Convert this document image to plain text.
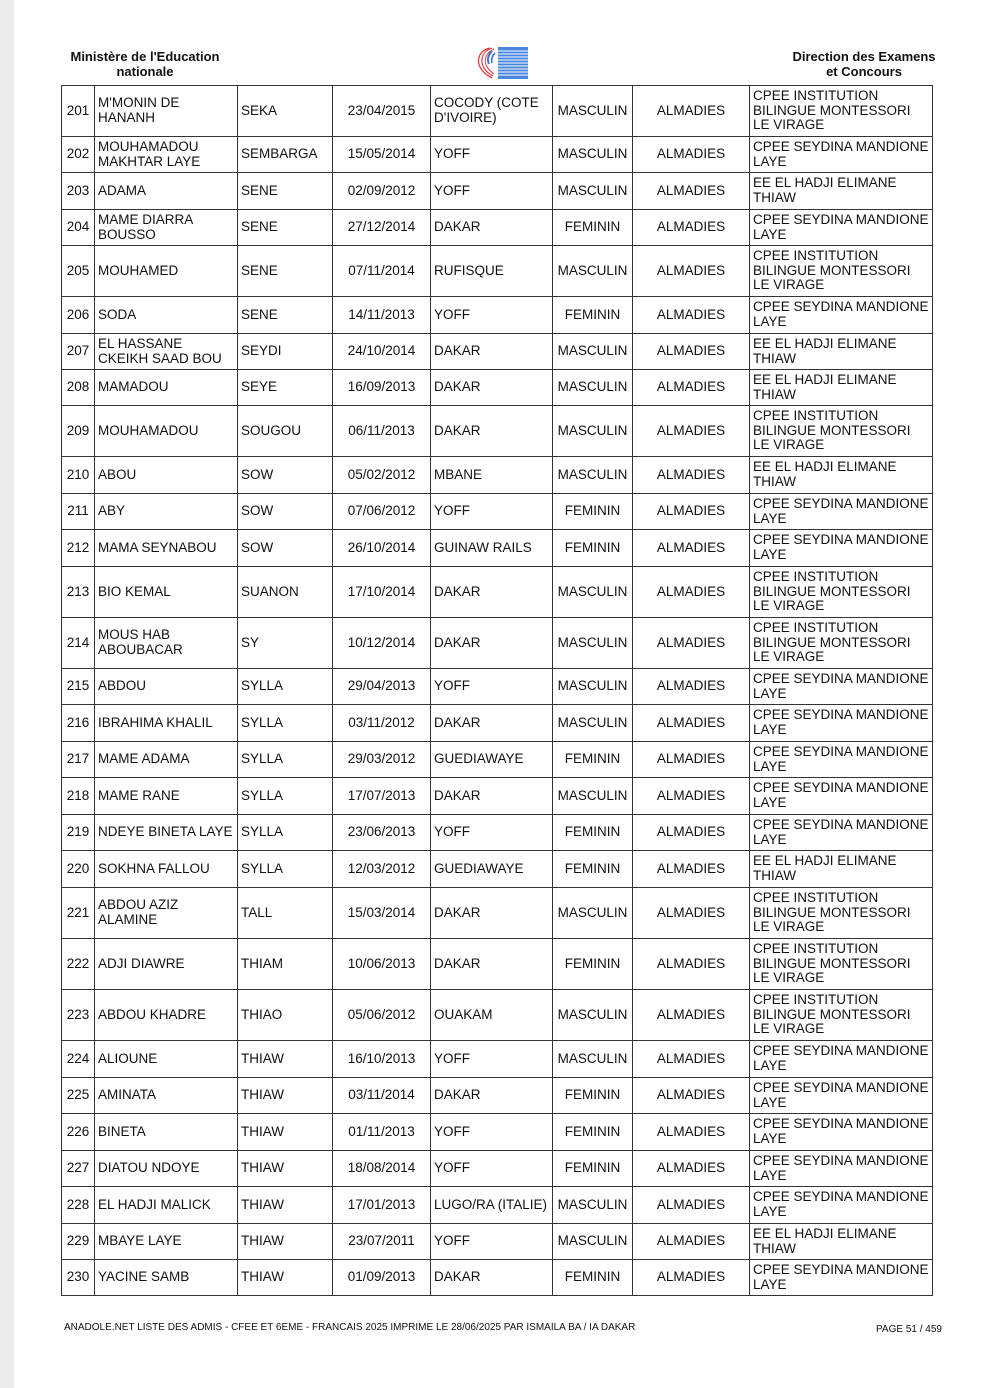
Ministère de l'Education
nationale
Direction des Examens
et Concours
201	M'MONIN DE HANANH	SEKA	23/04/2015	COCODY (COTE D'IVOIRE)	MASCULIN	ALMADIES	CPEE INSTITUTION BILINGUE MONTESSORI LE VIRAGE
202	MOUHAMADOU MAKHTAR LAYE	SEMBARGA	15/05/2014	YOFF	MASCULIN	ALMADIES	CPEE SEYDINA MANDIONE LAYE
203	ADAMA	SENE	02/09/2012	YOFF	MASCULIN	ALMADIES	EE EL HADJI ELIMANE THIAW
204	MAME DIARRA BOUSSO	SENE	27/12/2014	DAKAR	FEMININ	ALMADIES	CPEE SEYDINA MANDIONE LAYE
205	MOUHAMED	SENE	07/11/2014	RUFISQUE	MASCULIN	ALMADIES	CPEE INSTITUTION BILINGUE MONTESSORI LE VIRAGE
206	SODA	SENE	14/11/2013	YOFF	FEMININ	ALMADIES	CPEE SEYDINA MANDIONE LAYE
207	EL HASSANE CKEIKH SAAD BOU	SEYDI	24/10/2014	DAKAR	MASCULIN	ALMADIES	EE EL HADJI ELIMANE THIAW
208	MAMADOU	SEYE	16/09/2013	DAKAR	MASCULIN	ALMADIES	EE EL HADJI ELIMANE THIAW
209	MOUHAMADOU	SOUGOU	06/11/2013	DAKAR	MASCULIN	ALMADIES	CPEE INSTITUTION BILINGUE MONTESSORI LE VIRAGE
210	ABOU	SOW	05/02/2012	MBANE	MASCULIN	ALMADIES	EE EL HADJI ELIMANE THIAW
211	ABY	SOW	07/06/2012	YOFF	FEMININ	ALMADIES	CPEE SEYDINA MANDIONE LAYE
212	MAMA SEYNABOU	SOW	26/10/2014	GUINAW RAILS	FEMININ	ALMADIES	CPEE SEYDINA MANDIONE LAYE
213	BIO KEMAL	SUANON	17/10/2014	DAKAR	MASCULIN	ALMADIES	CPEE INSTITUTION BILINGUE MONTESSORI LE VIRAGE
214	MOUS HAB ABOUBACAR	SY	10/12/2014	DAKAR	MASCULIN	ALMADIES	CPEE INSTITUTION BILINGUE MONTESSORI LE VIRAGE
215	ABDOU	SYLLA	29/04/2013	YOFF	MASCULIN	ALMADIES	CPEE SEYDINA MANDIONE LAYE
216	IBRAHIMA KHALIL	SYLLA	03/11/2012	DAKAR	MASCULIN	ALMADIES	CPEE SEYDINA MANDIONE LAYE
217	MAME ADAMA	SYLLA	29/03/2012	GUEDIAWAYE	FEMININ	ALMADIES	CPEE SEYDINA MANDIONE LAYE
218	MAME RANE	SYLLA	17/07/2013	DAKAR	MASCULIN	ALMADIES	CPEE SEYDINA MANDIONE LAYE
219	NDEYE BINETA LAYE	SYLLA	23/06/2013	YOFF	FEMININ	ALMADIES	CPEE SEYDINA MANDIONE LAYE
220	SOKHNA FALLOU	SYLLA	12/03/2012	GUEDIAWAYE	FEMININ	ALMADIES	EE EL HADJI ELIMANE THIAW
221	ABDOU AZIZ ALAMINE	TALL	15/03/2014	DAKAR	MASCULIN	ALMADIES	CPEE INSTITUTION BILINGUE MONTESSORI LE VIRAGE
222	ADJI DIAWRE	THIAM	10/06/2013	DAKAR	FEMININ	ALMADIES	CPEE INSTITUTION BILINGUE MONTESSORI LE VIRAGE
223	ABDOU KHADRE	THIAO	05/06/2012	OUAKAM	MASCULIN	ALMADIES	CPEE INSTITUTION BILINGUE MONTESSORI LE VIRAGE
224	ALIOUNE	THIAW	16/10/2013	YOFF	MASCULIN	ALMADIES	CPEE SEYDINA MANDIONE LAYE
225	AMINATA	THIAW	03/11/2014	DAKAR	FEMININ	ALMADIES	CPEE SEYDINA MANDIONE LAYE
226	BINETA	THIAW	01/11/2013	YOFF	FEMININ	ALMADIES	CPEE SEYDINA MANDIONE LAYE
227	DIATOU NDOYE	THIAW	18/08/2014	YOFF	FEMININ	ALMADIES	CPEE SEYDINA MANDIONE LAYE
228	EL HADJI MALICK	THIAW	17/01/2013	LUGO/RA (ITALIE)	MASCULIN	ALMADIES	CPEE SEYDINA MANDIONE LAYE
229	MBAYE LAYE	THIAW	23/07/2011	YOFF	MASCULIN	ALMADIES	EE EL HADJI ELIMANE THIAW
230	YACINE SAMB	THIAW	01/09/2013	DAKAR	FEMININ	ALMADIES	CPEE SEYDINA MANDIONE LAYE
ANADOLE.NET LISTE DES ADMIS - CFEE ET 6EME - FRANCAIS 2025 IMPRIME LE 28/06/2025 PAR ISMAILA BA / IA DAKAR	PAGE 51 / 459
